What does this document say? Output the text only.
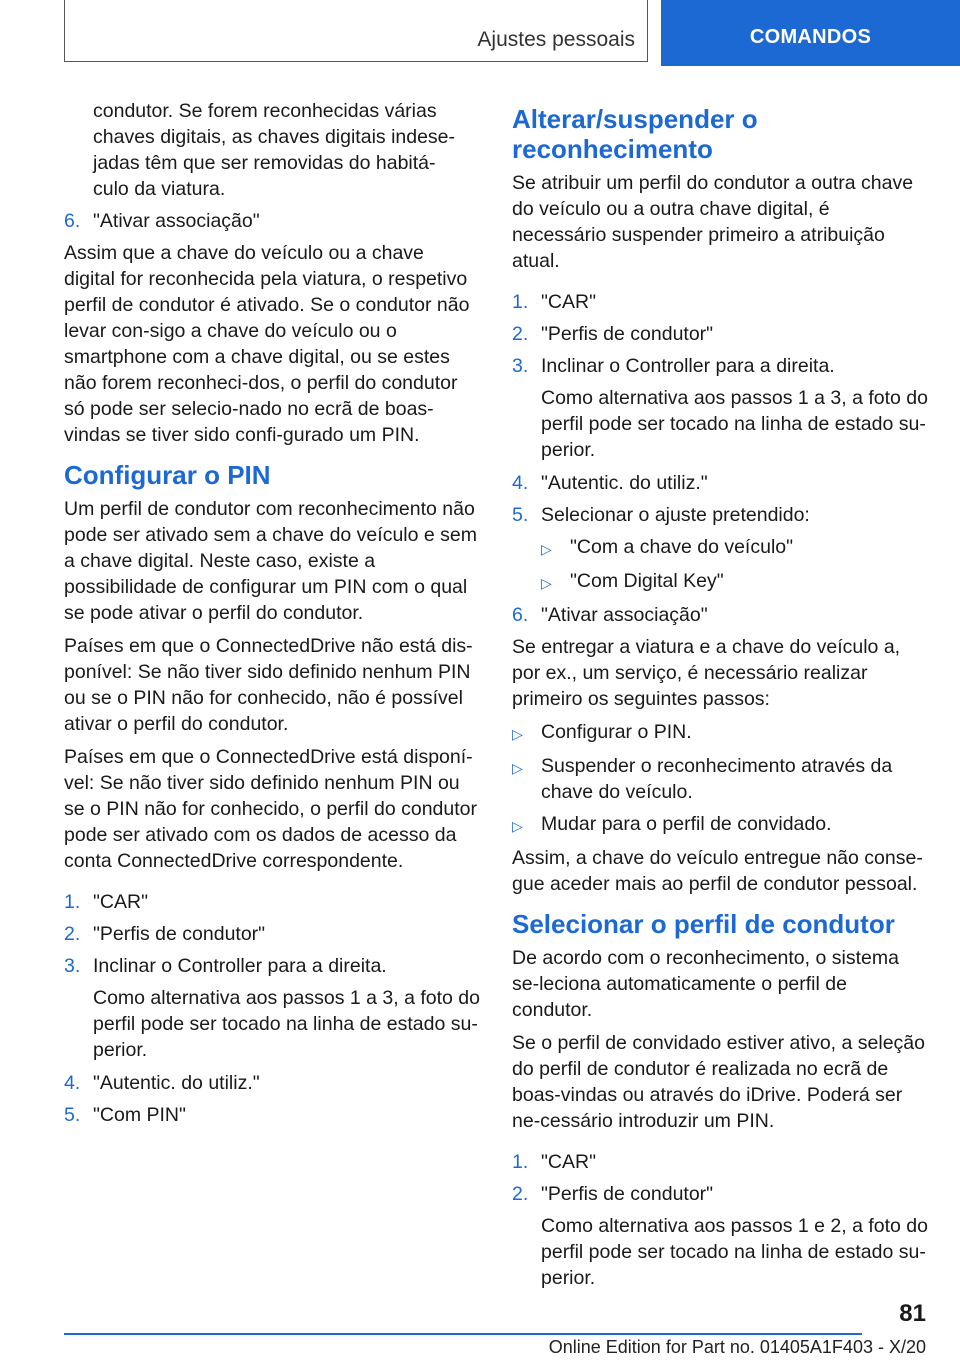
Ajustes pessoais	COMANDOS
condutor. Se forem reconhecidas várias
chaves digitais, as chaves digitais indese-
jadas têm que ser removidas do habitá-
culo da viatura.
6. "Ativar associação"

Assim que a chave do veículo ou a chave digital for reconhecida pela viatura, o respetivo perfil de condutor é ativado. Se o condutor não levar con-sigo a chave do veículo ou o smartphone com a chave digital, ou se estes não forem reconheci-dos, o perfil do condutor só pode ser selecio-nado no ecrã de boas-vindas se tiver sido confi-gurado um PIN.

Configurar o PIN

Um perfil de condutor com reconhecimento não pode ser ativado sem a chave do veículo e sem a chave digital. Neste caso, existe a possibilidade de configurar um PIN com o qual se pode ativar o perfil do condutor.

Países em que o ConnectedDrive não está dis-ponível: Se não tiver sido definido nenhum PIN ou se o PIN não for conhecido, não é possível ativar o perfil do condutor.

Países em que o ConnectedDrive está disponí-vel: Se não tiver sido definido nenhum PIN ou se o PIN não for conhecido, o perfil do condutor pode ser ativado com os dados de acesso da conta ConnectedDrive correspondente.

1. "CAR"
2. "Perfis de condutor"
3. Inclinar o Controller para a direita.
Como alternativa aos passos 1 a 3, a foto do perfil pode ser tocado na linha de estado su-perior.
4. "Autentic. do utiliz."
5. "Com PIN"
Alterar/suspender o reconhecimento

Se atribuir um perfil do condutor a outra chave do veículo ou a outra chave digital, é necessário suspender primeiro a atribuição atual.

1. "CAR"
2. "Perfis de condutor"
3. Inclinar o Controller para a direita.
Como alternativa aos passos 1 a 3, a foto do perfil pode ser tocado na linha de estado su-perior.
4. "Autentic. do utiliz."
5. Selecionar o ajuste pretendido:
▷ "Com a chave do veículo"
▷ "Com Digital Key"
6. "Ativar associação"

Se entregar a viatura e a chave do veículo a, por ex., um serviço, é necessário realizar primeiro os seguintes passos:

▷ Configurar o PIN.
▷ Suspender o reconhecimento através da chave do veículo.
▷ Mudar para o perfil de convidado.

Assim, a chave do veículo entregue não conse-gue aceder mais ao perfil de condutor pessoal.

Selecionar o perfil de condutor

De acordo com o reconhecimento, o sistema se-leciona automaticamente o perfil de condutor.

Se o perfil de convidado estiver ativo, a seleção do perfil de condutor é realizada no ecrã de boas-vindas ou através do iDrive. Poderá ser ne-cessário introduzir um PIN.

1. "CAR"
2. "Perfis de condutor"
Como alternativa aos passos 1 e 2, a foto do perfil pode ser tocado na linha de estado su-perior.
81
Online Edition for Part no. 01405A1F403 - X/20
